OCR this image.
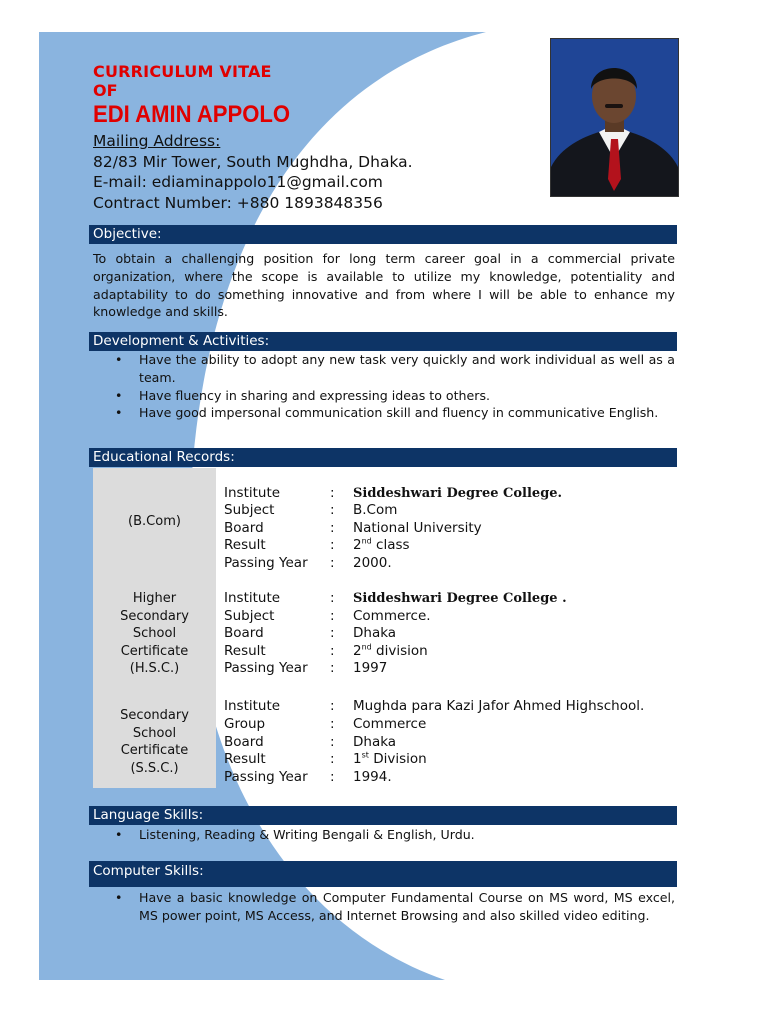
CURRICULUM VITAE
OF
EDI AMIN APPOLO
Mailing Address:
82/83 Mir Tower, South Mughdha, Dhaka.
E-mail: ediaminappolo11@gmail.com
Contract Number: +880 1893848356
Objective:
To obtain a challenging position for long term career goal in a commercial private organization, where the scope is available to utilize my knowledge, potentiality and adaptability to do something innovative and from where I will be able to enhance my knowledge and skills.
Development & Activities:
• Have the ability to adopt any new task very quickly and work individual as well as a team.
• Have fluency in sharing and expressing ideas to others.
• Have good impersonal communication skill and fluency in communicative English.
Educational Records:
(B.Com)
Institute	: Siddeshwari Degree College.
Subject	: B.Com
Board	: National University
Result	: 2nd class
Passing Year : 2000.
Higher
Secondary
School
Certificate
(H.S.C.)
Institute	: Siddeshwari Degree College .
Subject	: Commerce.
Board	: Dhaka
Result	: 2nd division
Passing Year : 1997
Secondary
School
Certificate
(S.S.C.)
Institute	: Mughda para Kazi Jafor Ahmed Highschool.
Group	: Commerce
Board	: Dhaka
Result	: 1st Division
Passing Year : 1994.
Language Skills:
• Listening, Reading & Writing Bengali & English, Urdu.
Computer Skills:
• Have a basic knowledge on Computer Fundamental Course on MS word, MS excel, MS power point, MS Access, and Internet Browsing and also skilled video editing.
